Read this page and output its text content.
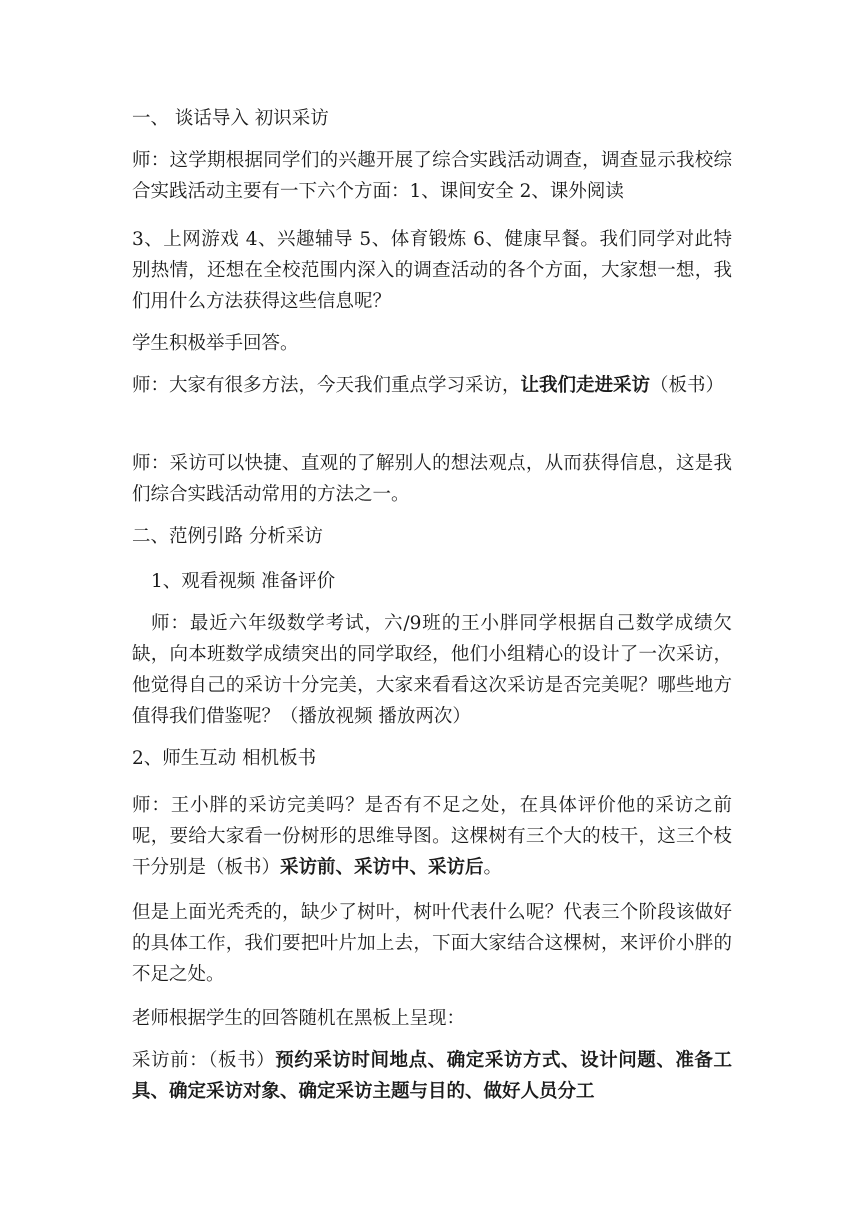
一、 谈话导入 初识采访
师：这学期根据同学们的兴趣开展了综合实践活动调查，调查显示我校综合实践活动主要有一下六个方面：1、课间安全 2、课外阅读
3、上网游戏 4、兴趣辅导 5、体育锻炼 6、健康早餐。我们同学对此特别热情，还想在全校范围内深入的调查活动的各个方面，大家想一想，我们用什么方法获得这些信息呢？
学生积极举手回答。
师：大家有很多方法，今天我们重点学习采访，让我们走进采访（板书）
师：采访可以快捷、直观的了解别人的想法观点，从而获得信息，这是我们综合实践活动常用的方法之一。
二、范例引路 分析采访
1、观看视频 准备评价
师：最近六年级数学考试，六/9班的王小胖同学根据自己数学成绩欠缺，向本班数学成绩突出的同学取经，他们小组精心的设计了一次采访，他觉得自己的采访十分完美，大家来看看这次采访是否完美呢？哪些地方值得我们借鉴呢？（播放视频 播放两次）
2、师生互动 相机板书
师：王小胖的采访完美吗？是否有不足之处，在具体评价他的采访之前呢，要给大家看一份树形的思维导图。这棵树有三个大的枝干，这三个枝干分别是（板书）采访前、采访中、采访后。
但是上面光秃秃的，缺少了树叶，树叶代表什么呢？代表三个阶段该做好的具体工作，我们要把叶片加上去，下面大家结合这棵树，来评价小胖的不足之处。
老师根据学生的回答随机在黑板上呈现：
采访前：（板书）预约采访时间地点、确定采访方式、设计问题、准备工具、确定采访对象、确定采访主题与目的、做好人员分工
